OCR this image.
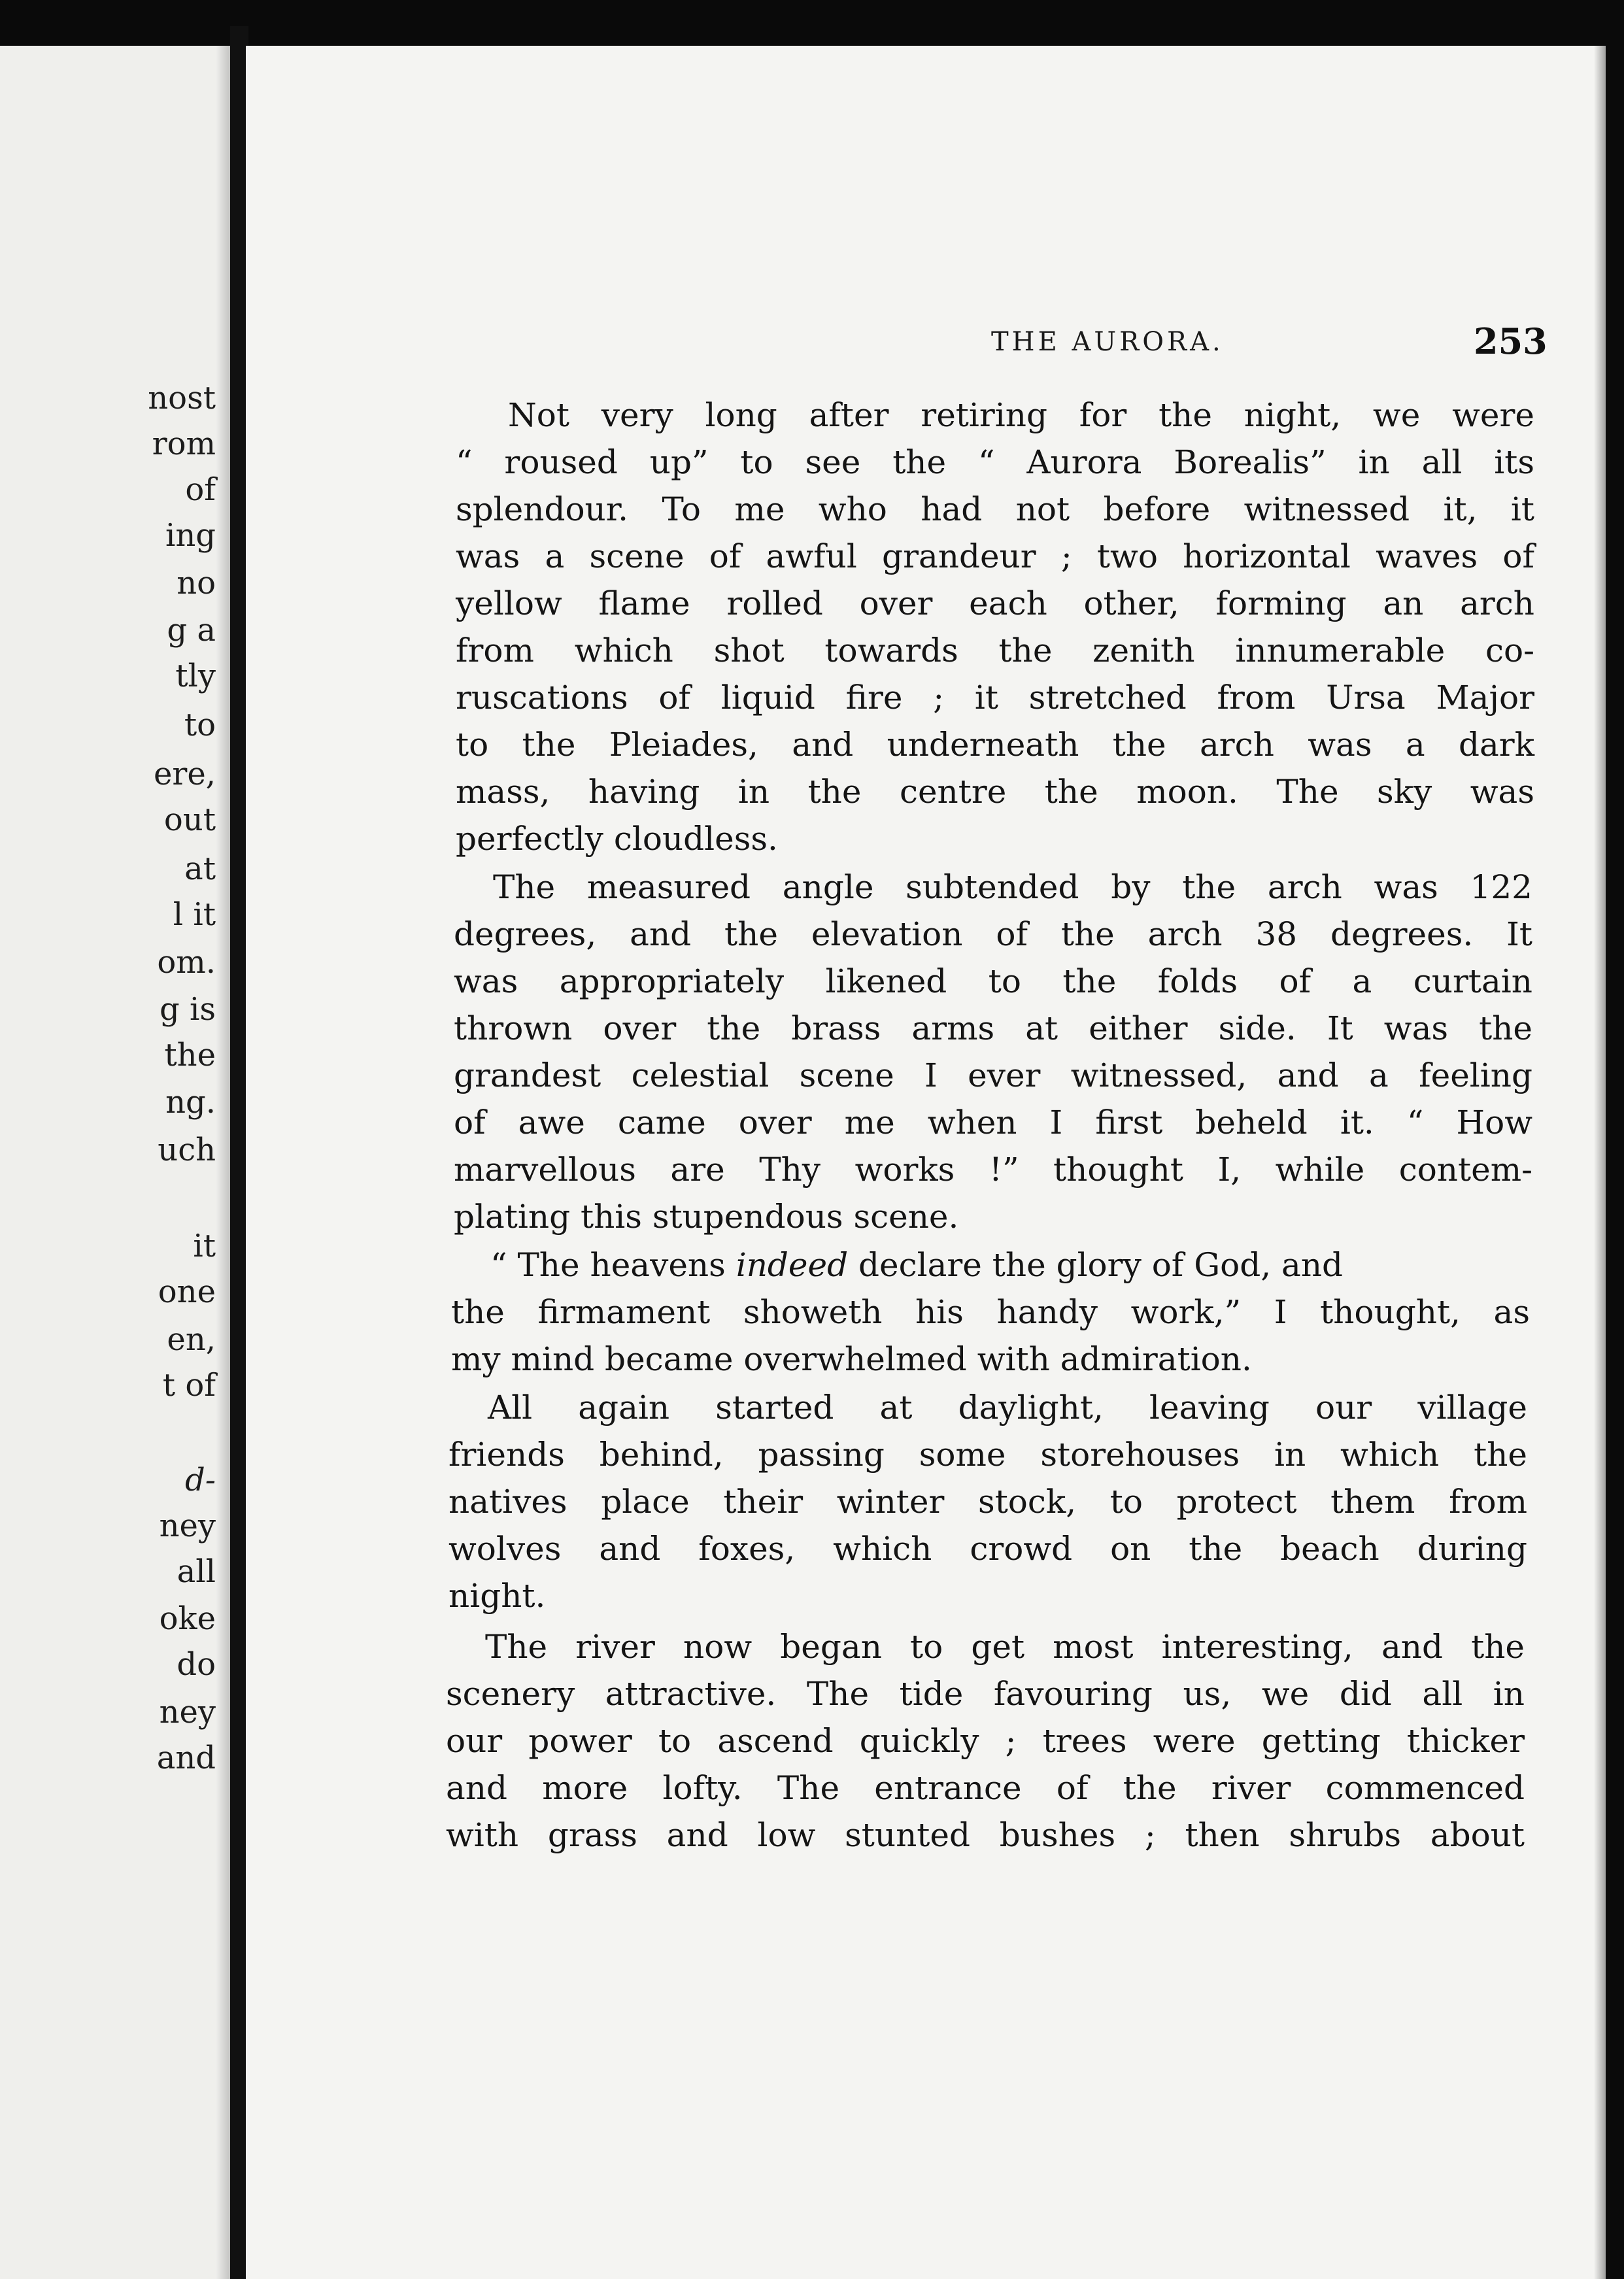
nost
rom
of
ing
no
g a
tly
to
ere,
out
at
l it
om.
g is
the
ng.
uch
it
one
en,
t of
d-
ney
all
oke
do
ney
and
THE AURORA.	253
Not very long after retiring for the night, we were
“ roused up” to see the “ Aurora Borealis” in all its
splendour. To me who had not before witnessed it, it
was a scene of awful grandeur ; two horizontal waves of
yellow flame rolled over each other, forming an arch
from which shot towards the zenith innumerable co-
ruscations of liquid fire ; it stretched from Ursa Major
to the Pleiades, and underneath the arch was a dark
mass, having in the centre the moon. The sky was
perfectly cloudless.
The measured angle subtended by the arch was 122
degrees, and the elevation of the arch 38 degrees. It
was appropriately likened to the folds of a curtain
thrown over the brass arms at either side. It was the
grandest celestial scene I ever witnessed, and a feeling
of awe came over me when I first beheld it. “ How
marvellous are Thy works !” thought I, while contem-
plating this stupendous scene.
“ The heavens indeed declare the glory of God, and
the firmament showeth his handy work,” I thought, as
my mind became overwhelmed with admiration.
All again started at daylight, leaving our village
friends behind, passing some storehouses in which the
natives place their winter stock, to protect them from
wolves and foxes, which crowd on the beach during
night.
The river now began to get most interesting, and the
scenery attractive. The tide favouring us, we did all in
our power to ascend quickly ; trees were getting thicker
and more lofty. The entrance of the river commenced
with grass and low stunted bushes ; then shrubs about
